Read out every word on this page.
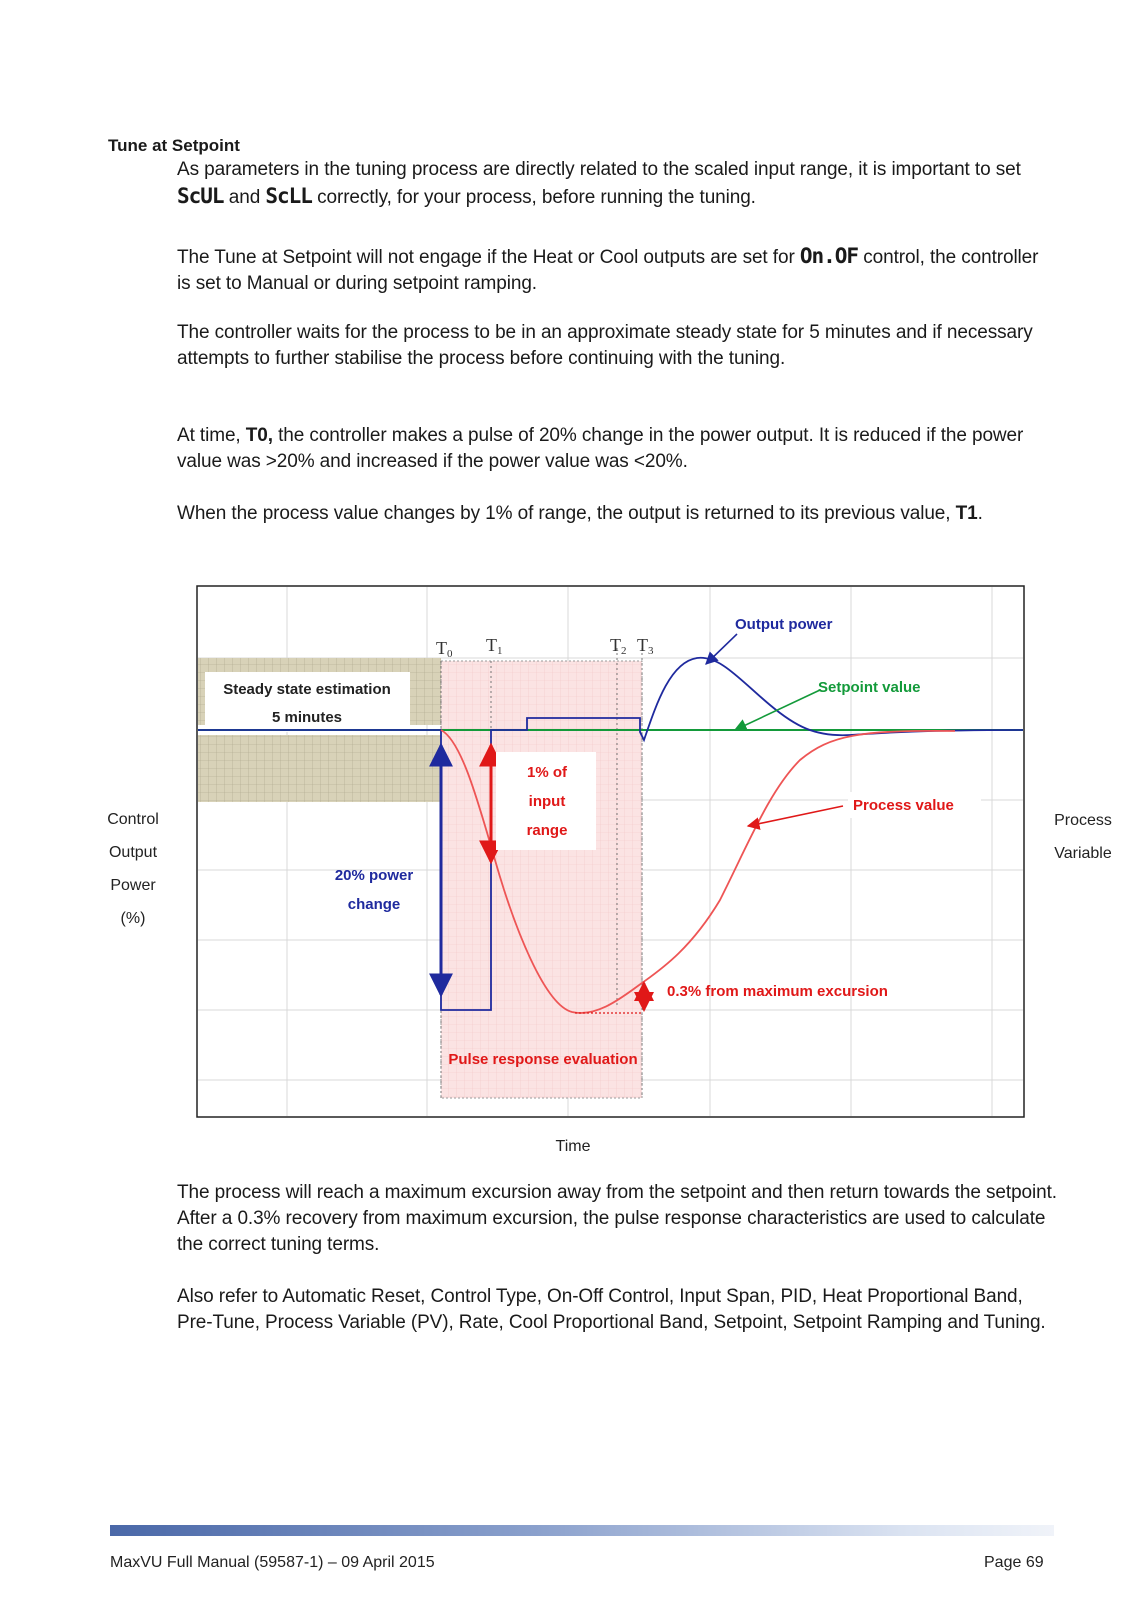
Tune at Setpoint
As parameters in the tuning process are directly related to the scaled input range, it is important to set ScUL and ScLL correctly, for your process, before running the tuning.
The Tune at Setpoint will not engage if the Heat or Cool outputs are set for On.OF control, the controller is set to Manual or during setpoint ramping.
The controller waits for the process to be in an approximate steady state for 5 minutes and if necessary attempts to further stabilise the process before continuing with the tuning.
At time, T0, the controller makes a pulse of 20% change in the power output. It is reduced if the power value was >20% and increased if the power value was <20%.
When the process value changes by 1% of range, the output is returned to its previous value, T1.
T0 T1	T2 T3
Steady state estimation
5 minutes
Output power
Setpoint value
Process value
1% of
input
range
20% power
change
0.3% from maximum excursion
Pulse response evaluation
Control
Output
Power
(%)
Process
Variable
Time
The process will reach a maximum excursion away from the setpoint and then return towards the setpoint. After a 0.3% recovery from maximum excursion, the pulse response characteristics are used to calculate the correct tuning terms.
Also refer to Automatic Reset, Control Type, On-Off Control, Input Span, PID, Heat Proportional Band, Pre-Tune, Process Variable (PV), Rate, Cool Proportional Band, Setpoint, Setpoint Ramping and Tuning.
MaxVU Full Manual (59587-1) – 09 April 2015	Page 69
